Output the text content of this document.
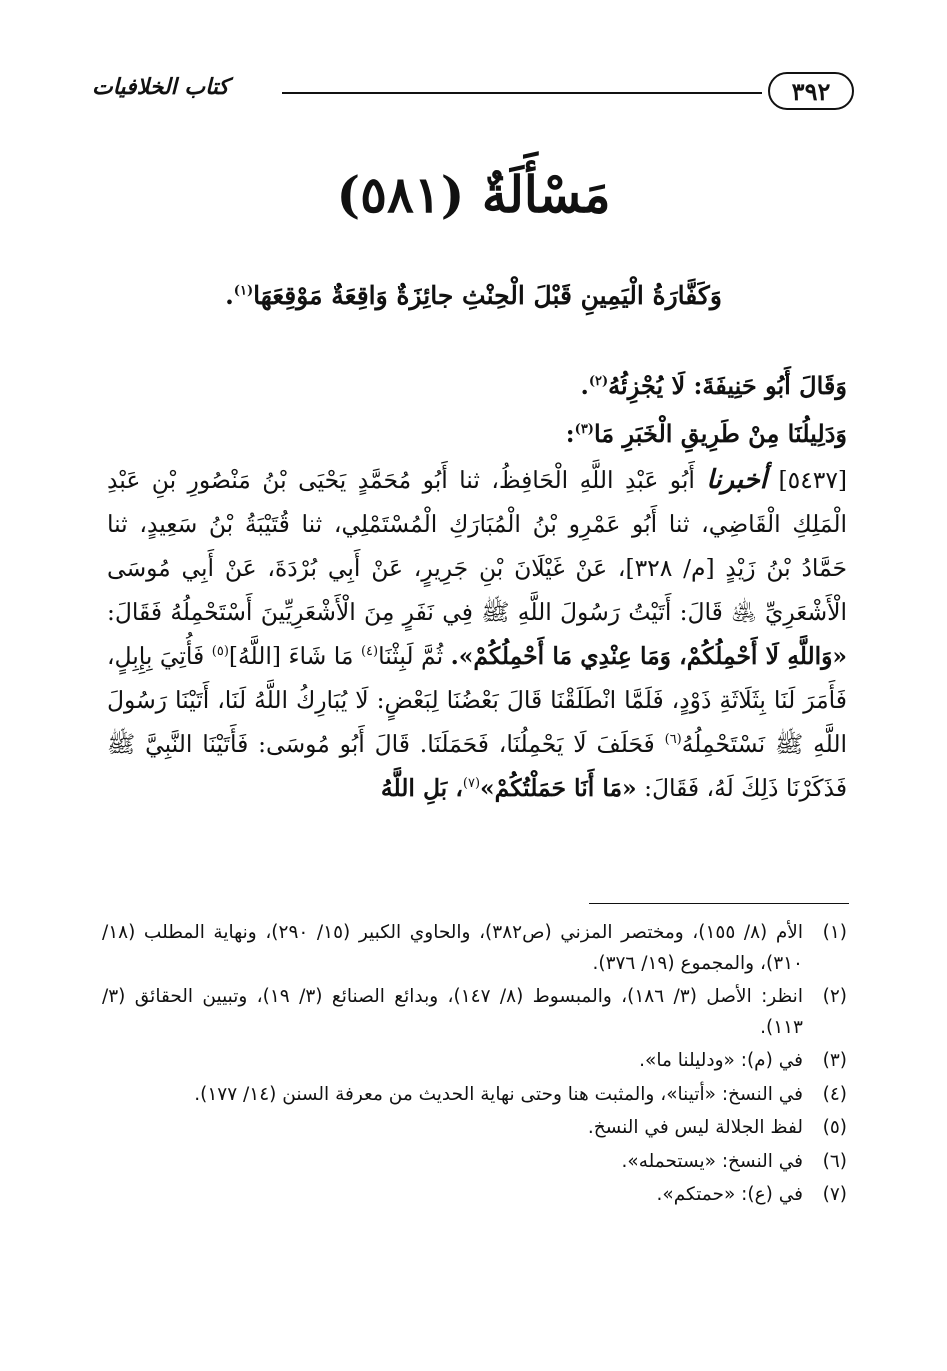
٣٩٢
كتاب الخلافيات
مَسْأَلَةٌ (٥٨١)
وَكَفَّارَةُ الْيَمِينِ قَبْلَ الْحِنْثِ جائِزَةٌ وَاقِعَةٌ مَوْقِعَهَا$^{(١)}$.
وَقَالَ أَبُو حَنِيفَةَ: لَا يُجْزِئُهُ$^{(٢)}$.
وَدَلِيلُنَا مِنْ طَرِيقِ الْخَبَرِ مَا$^{(٣)}$:

[٥٤٣٧] أخبرنا أَبُو عَبْدِ اللَّهِ الْحَافِظُ، ثنا أَبُو مُحَمَّدٍ يَحْيَى بْنُ مَنْصُورِ بْنِ عَبْدِ الْمَلِكِ الْقَاضِي، ثنا أَبُو عَمْرِو بْنُ الْمُبَارَكِ الْمُسْتَمْلِي، ثنا قُتَيْبَةُ بْنُ سَعِيدٍ، ثنا حَمَّادُ بْنُ زَيْدٍ [م/ ٣٢٨]، عَنْ غَيْلَانَ بْنِ جَرِيرٍ، عَنْ أَبِي بُرْدَةَ، عَنْ أَبِي مُوسَى الْأَشْعَرِيِّ ﵁ قَالَ: أَتَيْتُ رَسُولَ اللَّهِ ﷺ فِي نَفَرٍ مِنَ الْأَشْعَرِيِّينَ أَسْتَحْمِلُهُ فَقَالَ: «وَاللَّهِ لَا أَحْمِلُكُمْ، وَمَا عِنْدِي مَا أَحْمِلُكُمْ». ثُمَّ لَبِثْنَا$^{(٤)}$ مَا شَاءَ [اللَّهُ]$^{(٥)}$ فَأُتِيَ بِإِبِلٍ، فَأَمَرَ لَنَا بِثَلَاثَةِ ذَوْدٍ، فَلَمَّا انْطَلَقْنَا قَالَ بَعْضُنَا لِبَعْضٍ: لَا يُبَارِكُ اللَّهُ لَنَا، أَتَيْنَا رَسُولَ اللَّهِ ﷺ نَسْتَحْمِلُهُ$^{(٦)}$ فَحَلَفَ لَا يَحْمِلُنَا، فَحَمَلَنَا. قَالَ أَبُو مُوسَى: فَأَتَيْنَا النَّبِيَّ ﷺ فَذَكَرْنَا ذَلِكَ لَهُ، فَقَالَ: «مَا أَنَا حَمَلْتُكُمْ»$^{(٧)}$، بَلِ اللَّهُ

(١)
الأم (٨/ ١٥٥)، ومختصر المزني (ص٣٨٢)، والحاوي الكبير (١٥/ ٢٩٠)، ونهاية المطلب (١٨/ ٣١٠)، والمجموع (١٩/ ٣٧٦).
(٢)
انظر: الأصل (٣/ ١٨٦)، والمبسوط (٨/ ١٤٧)، وبدائع الصنائع (٣/ ١٩)، وتبيين الحقائق (٣/ ١١٣).
(٣)
في (م): «ودليلنا ما».
(٤)
في النسخ: «أتينا»، والمثبت هنا وحتى نهاية الحديث من معرفة السنن (١٤/ ١٧٧).
(٥)
لفظ الجلالة ليس في النسخ.
(٦)
في النسخ: «يستحمله».
(٧)
في (ع): «حمتكم».
